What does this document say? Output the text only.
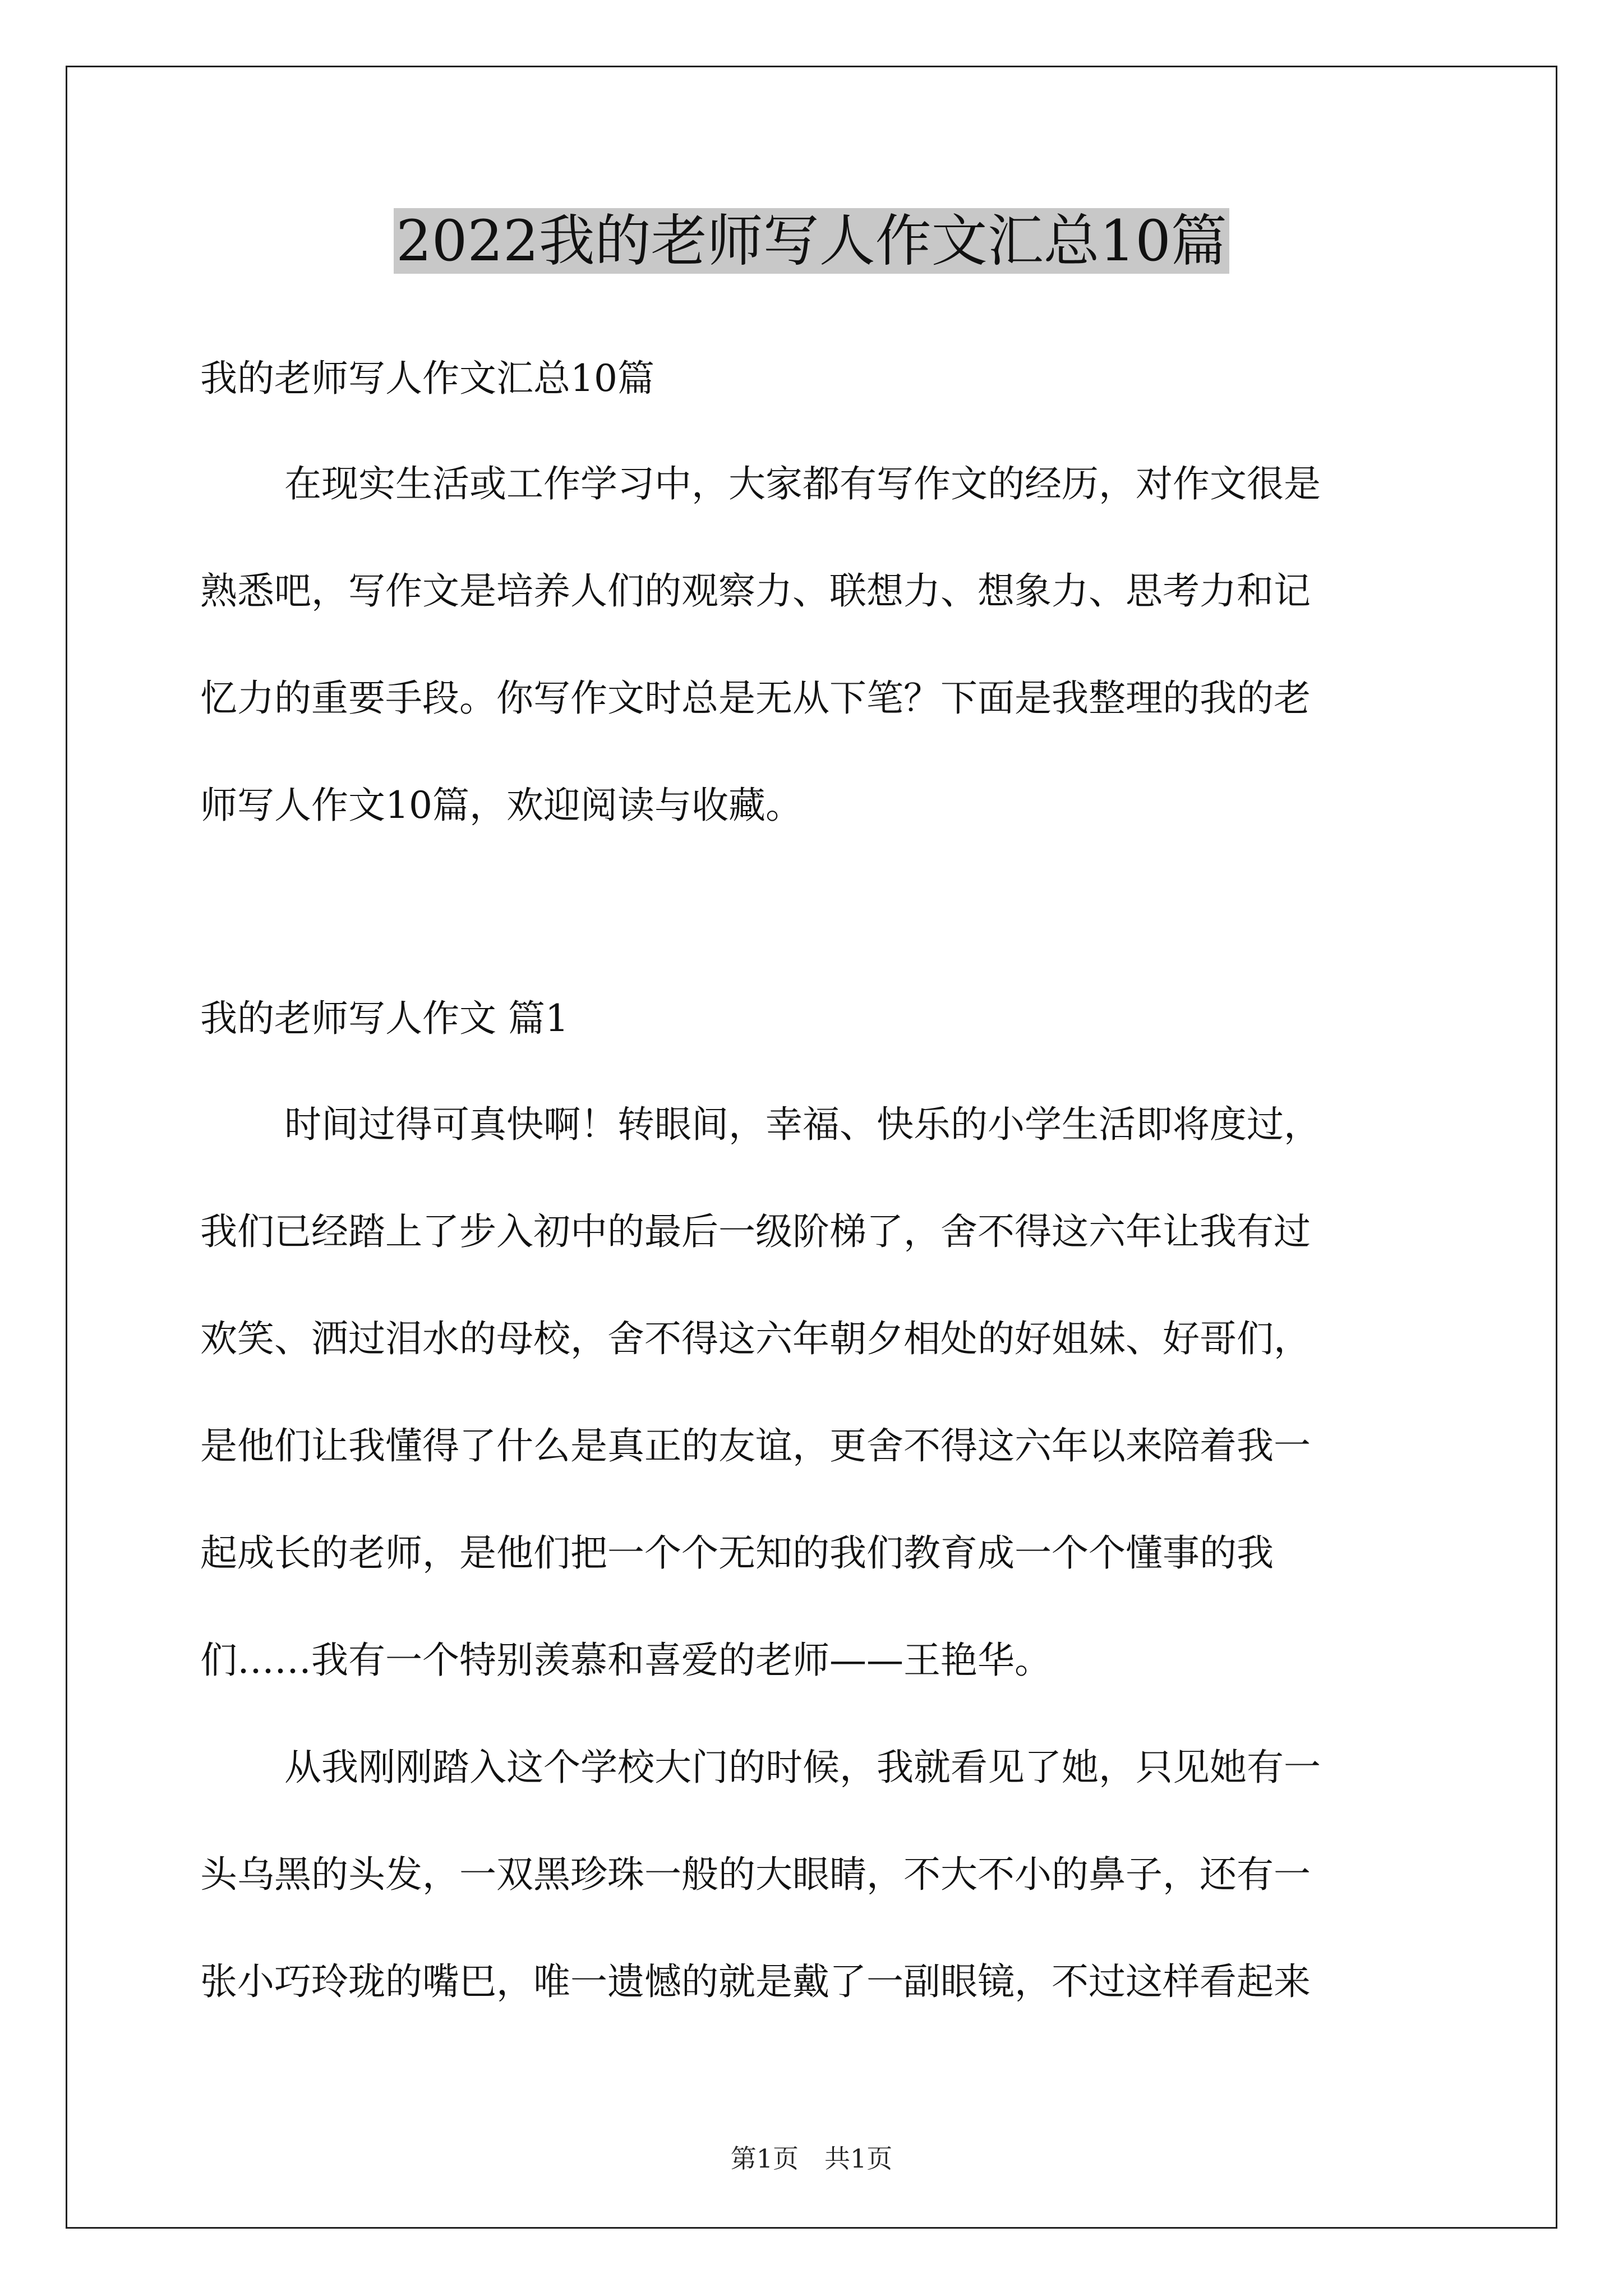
2022我的老师写人作文汇总10篇
我的老师写人作文汇总10篇
在现实生活或工作学习中，大家都有写作文的经历，对作文很是
熟悉吧，写作文是培养人们的观察力、联想力、想象力、思考力和记
忆力的重要手段。你写作文时总是无从下笔？下面是我整理的我的老
师写人作文10篇，欢迎阅读与收藏。
我的老师写人作文 篇1
时间过得可真快啊！转眼间，幸福、快乐的小学生活即将度过，
我们已经踏上了步入初中的最后一级阶梯了，舍不得这六年让我有过
欢笑、洒过泪水的母校，舍不得这六年朝夕相处的好姐妹、好哥们，
是他们让我懂得了什么是真正的友谊，更舍不得这六年以来陪着我一
起成长的老师，是他们把一个个无知的我们教育成一个个懂事的我
们……我有一个特别羡慕和喜爱的老师——王艳华。
从我刚刚踏入这个学校大门的时候，我就看见了她，只见她有一
头乌黑的头发，一双黑珍珠一般的大眼睛，不大不小的鼻子，还有一
张小巧玲珑的嘴巴，唯一遗憾的就是戴了一副眼镜，不过这样看起来
第1页　共1页
